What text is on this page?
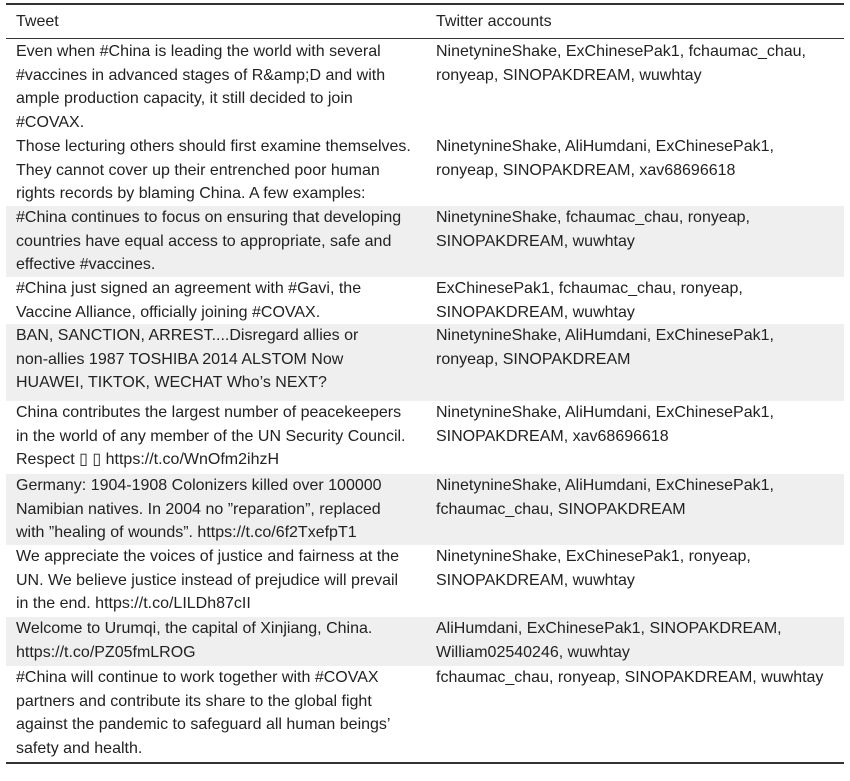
Tweet	Twitter accounts
Even when #China is leading the world with several
#vaccines in advanced stages of R&amp;D and with
ample production capacity, it still decided to join
#COVAX.
NinetynineShake, ExChinesePak1, fchaumac_chau,
ronyeap, SINOPAKDREAM, wuwhtay
Those lecturing others should first examine themselves.
They cannot cover up their entrenched poor human
rights records by blaming China. A few examples:
NinetynineShake, AliHumdani, ExChinesePak1,
ronyeap, SINOPAKDREAM, xav68696618
#China continues to focus on ensuring that developing
countries have equal access to appropriate, safe and
effective #vaccines.
NinetynineShake, fchaumac_chau, ronyeap,
SINOPAKDREAM, wuwhtay
#China just signed an agreement with #Gavi, the
Vaccine Alliance, officially joining #COVAX.
ExChinesePak1, fchaumac_chau, ronyeap,
SINOPAKDREAM, wuwhtay
BAN, SANCTION, ARREST....Disregard allies or
non-allies 1987 TOSHIBA 2014 ALSTOM Now
HUAWEI, TIKTOK, WECHAT Who’s NEXT?
NinetynineShake, AliHumdani, ExChinesePak1,
ronyeap, SINOPAKDREAM
China contributes the largest number of peacekeepers
in the world of any member of the UN Security Council.
Respect ▯ ▯ https://t.co/WnOfm2ihzH
NinetynineShake, AliHumdani, ExChinesePak1,
SINOPAKDREAM, xav68696618
Germany: 1904-1908 Colonizers killed over 100000
Namibian natives. In 2004 no ”reparation”, replaced
with ”healing of wounds”. https://t.co/6f2TxefpT1
NinetynineShake, AliHumdani, ExChinesePak1,
fchaumac_chau, SINOPAKDREAM
We appreciate the voices of justice and fairness at the
UN. We believe justice instead of prejudice will prevail
in the end. https://t.co/LILDh87cII
NinetynineShake, ExChinesePak1, ronyeap,
SINOPAKDREAM, wuwhtay
Welcome to Urumqi, the capital of Xinjiang, China.
https://t.co/PZ05fmLROG
AliHumdani, ExChinesePak1, SINOPAKDREAM,
William02540246, wuwhtay
#China will continue to work together with #COVAX
partners and contribute its share to the global fight
against the pandemic to safeguard all human beings’
safety and health.
fchaumac_chau, ronyeap, SINOPAKDREAM, wuwhtay
